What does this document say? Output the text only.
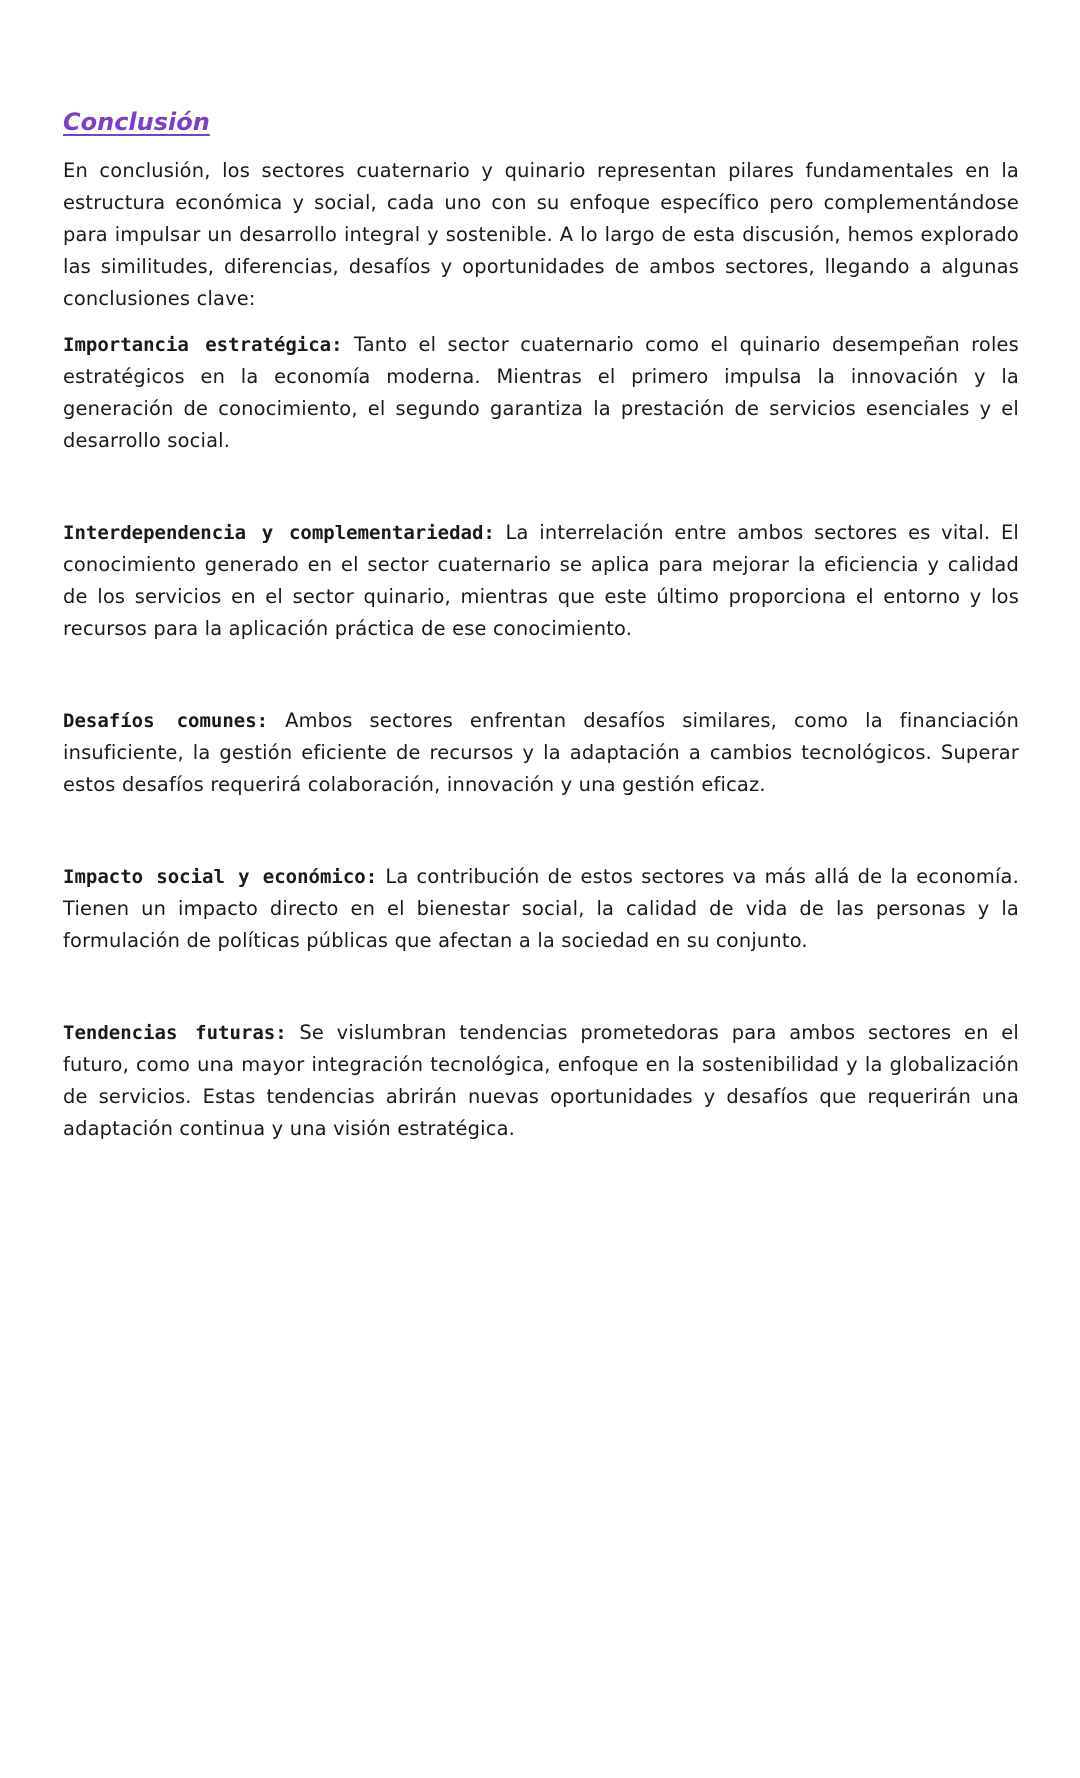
Conclusión

En conclusión, los sectores cuaternario y quinario representan pilares fundamentales en la estructura económica y social, cada uno con su enfoque específico pero complementándose para impulsar un desarrollo integral y sostenible. A lo largo de esta discusión, hemos explorado las similitudes, diferencias, desafíos y oportunidades de ambos sectores, llegando a algunas conclusiones clave:

Importancia estratégica: Tanto el sector cuaternario como el quinario desempeñan roles estratégicos en la economía moderna. Mientras el primero impulsa la innovación y la generación de conocimiento, el segundo garantiza la prestación de servicios esenciales y el desarrollo social.

Interdependencia y complementariedad: La interrelación entre ambos sectores es vital. El conocimiento generado en el sector cuaternario se aplica para mejorar la eficiencia y calidad de los servicios en el sector quinario, mientras que este último proporciona el entorno y los recursos para la aplicación práctica de ese conocimiento.

Desafíos comunes: Ambos sectores enfrentan desafíos similares, como la financiación insuficiente, la gestión eficiente de recursos y la adaptación a cambios tecnológicos. Superar estos desafíos requerirá colaboración, innovación y una gestión eficaz.

Impacto social y económico: La contribución de estos sectores va más allá de la economía. Tienen un impacto directo en el bienestar social, la calidad de vida de las personas y la formulación de políticas públicas que afectan a la sociedad en su conjunto.

Tendencias futuras: Se vislumbran tendencias prometedoras para ambos sectores en el futuro, como una mayor integración tecnológica, enfoque en la sostenibilidad y la globalización de servicios. Estas tendencias abrirán nuevas oportunidades y desafíos que requerirán una adaptación continua y una visión estratégica.
